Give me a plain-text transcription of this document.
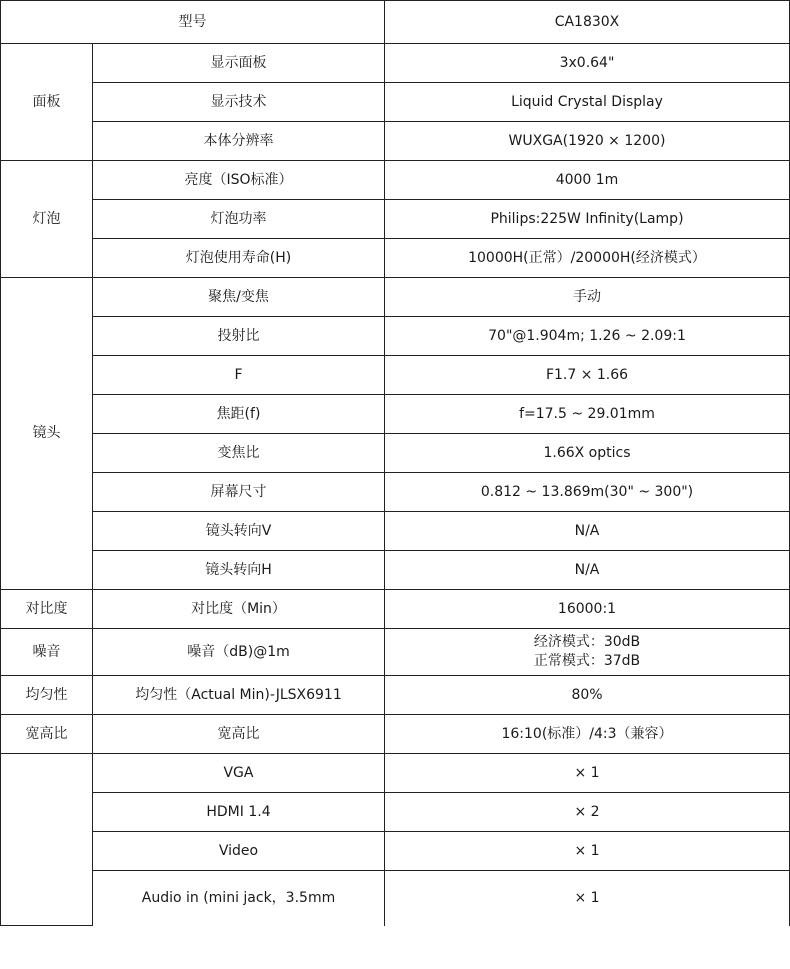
型号		CA1830X
面板	显示面板	3x0.64"
	显示技术	Liquid Crystal Display
	本体分辨率	WUXGA(1920 × 1200)
灯泡	亮度（ISO标准）	4000 1m
	灯泡功率	Philips:225W Infinity(Lamp)
	灯泡使用寿命(H)	10000H(正常）/20000H(经济模式）
镜头	聚焦/变焦	手动
	投射比	70"@1.904m; 1.26 ~ 2.09:1
	F	F1.7 × 1.66
	焦距(f)	f=17.5 ~ 29.01mm
	变焦比	1.66X optics
	屏幕尺寸	0.812 ~ 13.869m(30" ~ 300")
	镜头转向V	N/A
	镜头转向H	N/A
对比度	对比度（Min）	16000:1
噪音	噪音（dB)@1m	经济模式：30dB
正常模式：37dB

均匀性	均匀性（Actual Min)-JLSX6911	80%
宽高比	宽高比	16:10(标准）/4:3（兼容）
	VGA	× 1
	HDMI 1.4	× 2
	Video	× 1
	Audio in (mini jack，3.5mm	× 1
